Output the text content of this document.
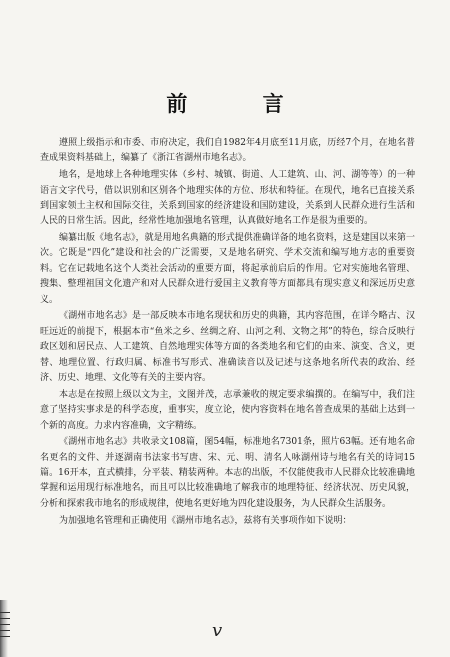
前 言

遵照上级指示和市委、市府决定，我们自1982年4月底至11月底，历经7个月，在地名普查成果资料基础上，编纂了《浙江省湖州市地名志》。

地名，是地球上各种地理实体（乡村、城镇、街道、人工建筑、山、河、湖等等）的一种语言文字代号，借以识别和区别各个地理实体的方位、形状和特征。在现代，地名已直接关系到国家领土主权和国际交往，关系到国家的经济建设和国防建设，关系到人民群众进行生活和人民的日常生活。因此，经常性地加强地名管理，认真做好地名工作是很为重要的。

编纂出版《地名志》，就是用地名典籍的形式提供准确详备的地名资料，这是建国以来第一次。它既是“四化”建设和社会的广泛需要，又是地名研究、学术交流和编写地方志的重要资料。它在记载地名这个人类社会活动的重要方面，将起承前启后的作用。它对实施地名管理、搜集、整理祖国文化遗产和对人民群众进行爱国主义教育等方面都具有现实意义和深远历史意义。

《湖州市地名志》是一部反映本市地名现状和历史的典籍，其内容范围，在详今略古、汉旺远近的前提下，根据本市“鱼米之乡、丝绸之府、山河之利、文物之邦”的特色，综合反映行政区划和居民点、人工建筑、自然地理实体等方面的各类地名和它们的由来、演变、含义，更替、地理位置、行政归属、标准书写形式、准确读音以及记述与这条地名所代表的政治、经济、历史、地理、文化等有关的主要内容。

本志是在按照上级以文为主，文图并茂，志承兼收的规定要求编撰的。在编写中，我们注意了坚持实事求是的科学态度，重事实，度立论，使内容资料在地名普查成果的基础上达到一个新的高度。力求内容准确，文字精练。

《湖州市地名志》共收录文108篇，图54幅，标准地名7301条，照片63幅。还有地名命名更名的文件、并逐湖南书法家书写唐、宋、元、明、清名人咏湖州诗与地名有关的诗词15篇。16开本，直式横排，分平装、精装两种。本志的出版，不仅能使我市人民群众比较准确地掌握和运用现行标准地名，而且可以比较准确地了解我市的地理特征、经济状况、历史风貌，分析和探索我市地名的形成规律，使地名更好地为四化建设服务，为人民群众生活服务。

为加强地名管理和正确使用《湖州市地名志》，兹将有关事项作如下说明：

v
